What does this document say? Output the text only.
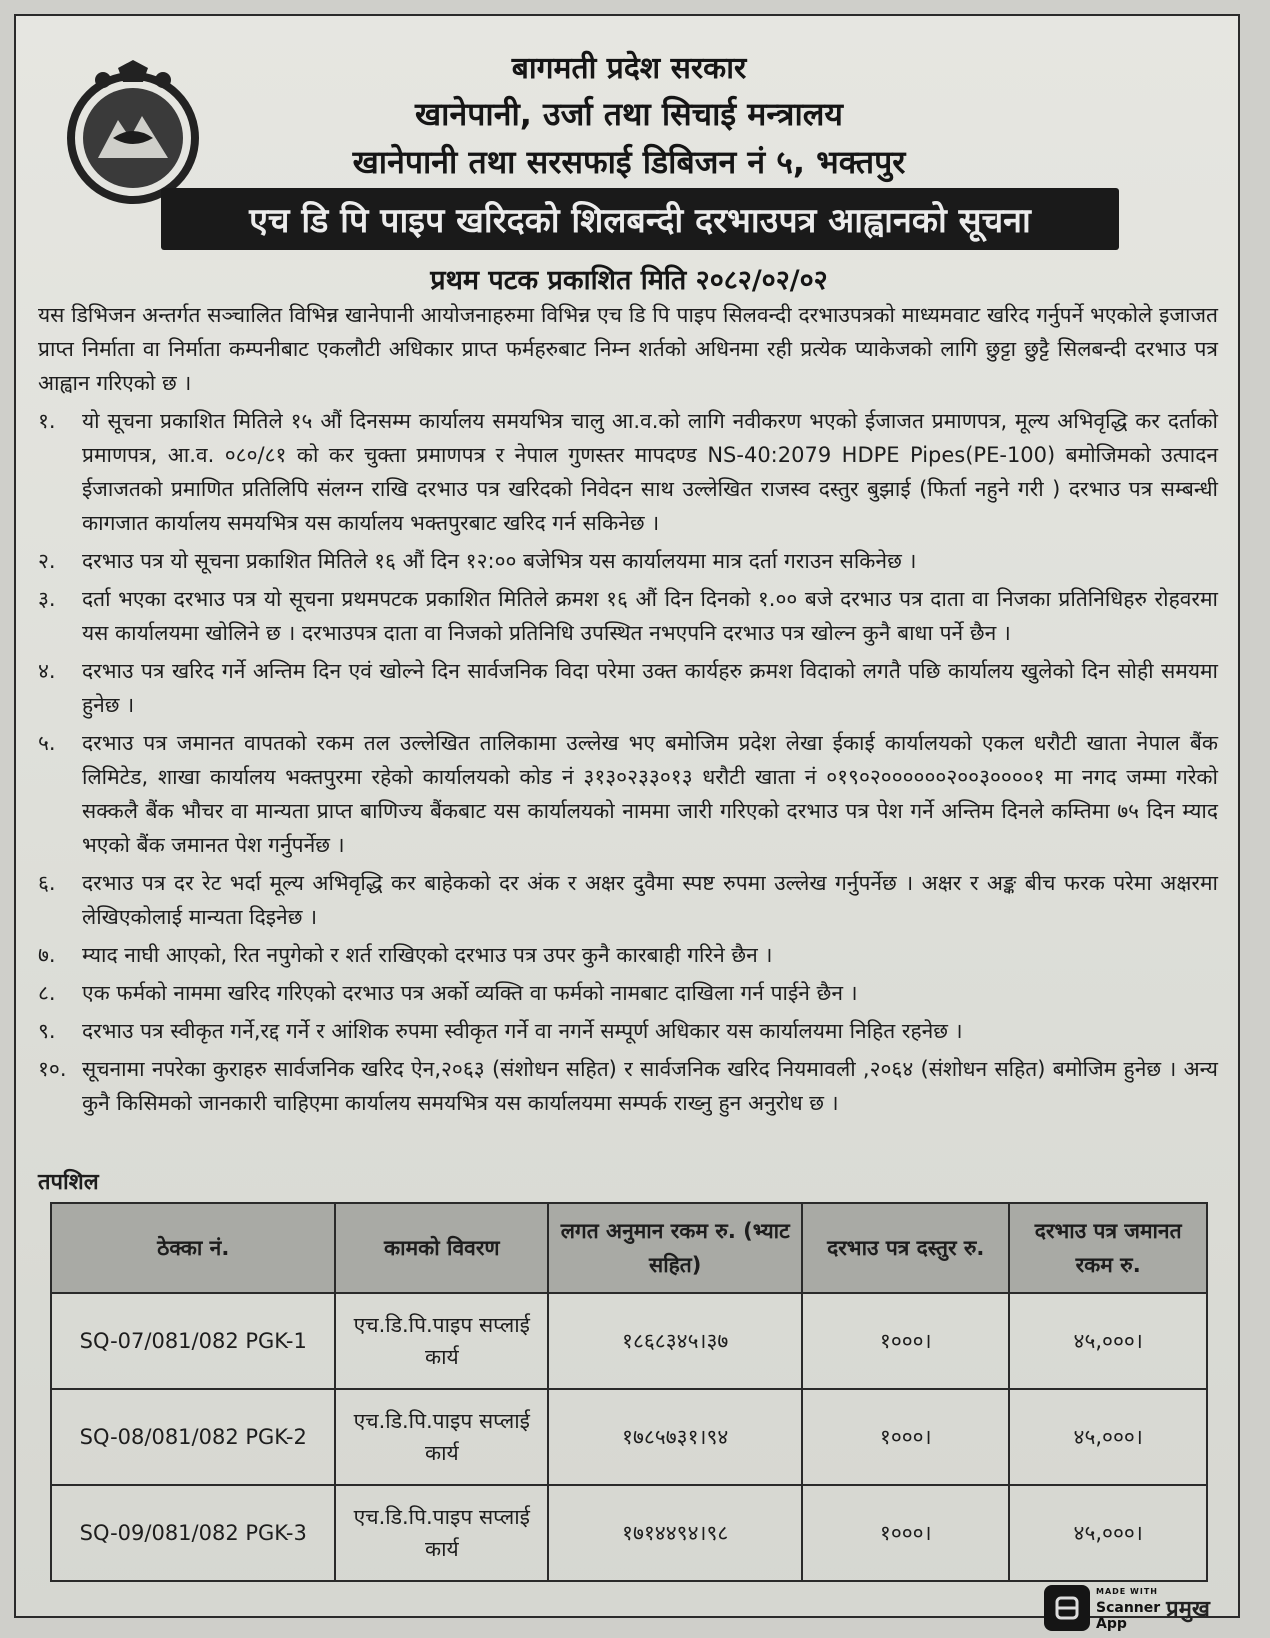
बागमती प्रदेश सरकार
खानेपानी, उर्जा तथा सिचाई मन्त्रालय
खानेपानी तथा सरसफाई डिबिजन नं ५, भक्तपुर
एच डि पि पाइप खरिदको शिलबन्दी दरभाउपत्र आह्वानको सूचना
प्रथम पटक प्रकाशित मिति २०८२/०२/०२
यस डिभिजन अन्तर्गत सञ्चालित विभिन्न खानेपानी आयोजनाहरुमा विभिन्न एच डि पि पाइप सिलवन्दी दरभाउपत्रको माध्यमवाट खरिद गर्नुपर्ने भएकोले इजाजत प्राप्त निर्माता वा निर्माता कम्पनीबाट एकलौटी अधिकार प्राप्त फर्महरुबाट निम्न शर्तको अधिनमा रही प्रत्येक प्याकेजको लागि छुट्टा छुट्टै सिलबन्दी दरभाउ पत्र आह्वान गरिएको छ ।
१.	यो सूचना प्रकाशित मितिले १५ औं दिनसम्म कार्यालय समयभित्र चालु आ.व.को लागि नवीकरण भएको ईजाजत प्रमाणपत्र, मूल्य अभिवृद्धि कर दर्ताको प्रमाणपत्र, आ.व. ०८०/८१ को कर चुक्ता प्रमाणपत्र र नेपाल गुणस्तर मापदण्ड NS-40:2079 HDPE Pipes(PE-100) बमोजिमको उत्पादन ईजाजतको प्रमाणित प्रतिलिपि संलग्न राखि दरभाउ पत्र खरिदको निवेदन साथ उल्लेखित राजस्व दस्तुर बुझाई (फिर्ता नहुने गरी ) दरभाउ पत्र सम्बन्धी कागजात कार्यालय समयभित्र यस कार्यालय भक्तपुरबाट खरिद गर्न सकिनेछ ।
२.	दरभाउ पत्र यो सूचना प्रकाशित मितिले १६ औं दिन १२:०० बजेभित्र यस कार्यालयमा मात्र दर्ता गराउन सकिनेछ ।
३.	दर्ता भएका दरभाउ पत्र यो सूचना प्रथमपटक प्रकाशित मितिले क्रमश १६ औं दिन दिनको १.०० बजे दरभाउ पत्र दाता वा निजका प्रतिनिधिहरु रोहवरमा यस कार्यालयमा खोलिने छ । दरभाउपत्र दाता वा निजको प्रतिनिधि उपस्थित नभएपनि दरभाउ पत्र खोल्न कुनै बाधा पर्ने छैन ।
४.	दरभाउ पत्र खरिद गर्ने अन्तिम दिन एवं खोल्ने दिन सार्वजनिक विदा परेमा उक्त कार्यहरु क्रमश विदाको लगतै पछि कार्यालय खुलेको दिन सोही समयमा हुनेछ ।
५.	दरभाउ पत्र जमानत वापतको रकम तल उल्लेखित तालिकामा उल्लेख भए बमोजिम प्रदेश लेखा ईकाई कार्यालयको एकल धरौटी खाता नेपाल बैंक लिमिटेड, शाखा कार्यालय भक्तपुरमा रहेको कार्यालयको कोड नं ३१३०२३३०१३ धरौटी खाता नं ०१९०२००००००२००३००००१ मा नगद जम्मा गरेको सक्कलै बैंक भौचर वा मान्यता प्राप्त बाणिज्य बैंकबाट यस कार्यालयको नाममा जारी गरिएको दरभाउ पत्र पेश गर्ने अन्तिम दिनले कम्तिमा ७५ दिन म्याद भएको बैंक जमानत पेश गर्नुपर्नेछ ।
६.	दरभाउ पत्र दर रेट भर्दा मूल्य अभिवृद्धि कर बाहेकको दर अंक र अक्षर दुवैमा स्पष्ट रुपमा उल्लेख गर्नुपर्नेछ । अक्षर र अङ्क बीच फरक परेमा अक्षरमा लेखिएकोलाई मान्यता दिइनेछ ।
७.	म्याद नाघी आएको, रित नपुगेको र शर्त राखिएको दरभाउ पत्र उपर कुनै कारबाही गरिने छैन ।
८.	एक फर्मको नाममा खरिद गरिएको दरभाउ पत्र अर्को व्यक्ति वा फर्मको नामबाट दाखिला गर्न पाईने छैन ।
९.	दरभाउ पत्र स्वीकृत गर्ने,रद्द गर्ने र आंशिक रुपमा स्वीकृत गर्ने वा नगर्ने सम्पूर्ण अधिकार यस कार्यालयमा निहित रहनेछ ।
१०. सूचनामा नपरेका कुराहरु सार्वजनिक खरिद ऐन,२०६३ (संशोधन सहित) र सार्वजनिक खरिद नियमावली ,२०६४ (संशोधन सहित) बमोजिम हुनेछ । अन्य कुनै किसिमको जानकारी चाहिएमा कार्यालय समयभित्र यस कार्यालयमा सम्पर्क राख्नु हुन अनुरोध छ ।
तपशिल
ठेक्का नं.	कामको विवरण	लगत अनुमान रकम रु. (भ्याट सहित)	दरभाउ पत्र दस्तुर रु.	दरभाउ पत्र जमानत रकम रु.
SQ-07/081/082 PGK-1	एच.डि.पि.पाइप सप्लाई कार्य	१८६८३४५।३७	१०००।	४५,०००।
SQ-08/081/082 PGK-2	एच.डि.पि.पाइप सप्लाई कार्य	१७८५७३१।९४	१०००।	४५,०००।
SQ-09/081/082 PGK-3	एच.डि.पि.पाइप सप्लाई कार्य	१७१४४९४।९८	१०००।	४५,०००।
MADE WITH
Scanner
App
प्रमुख
